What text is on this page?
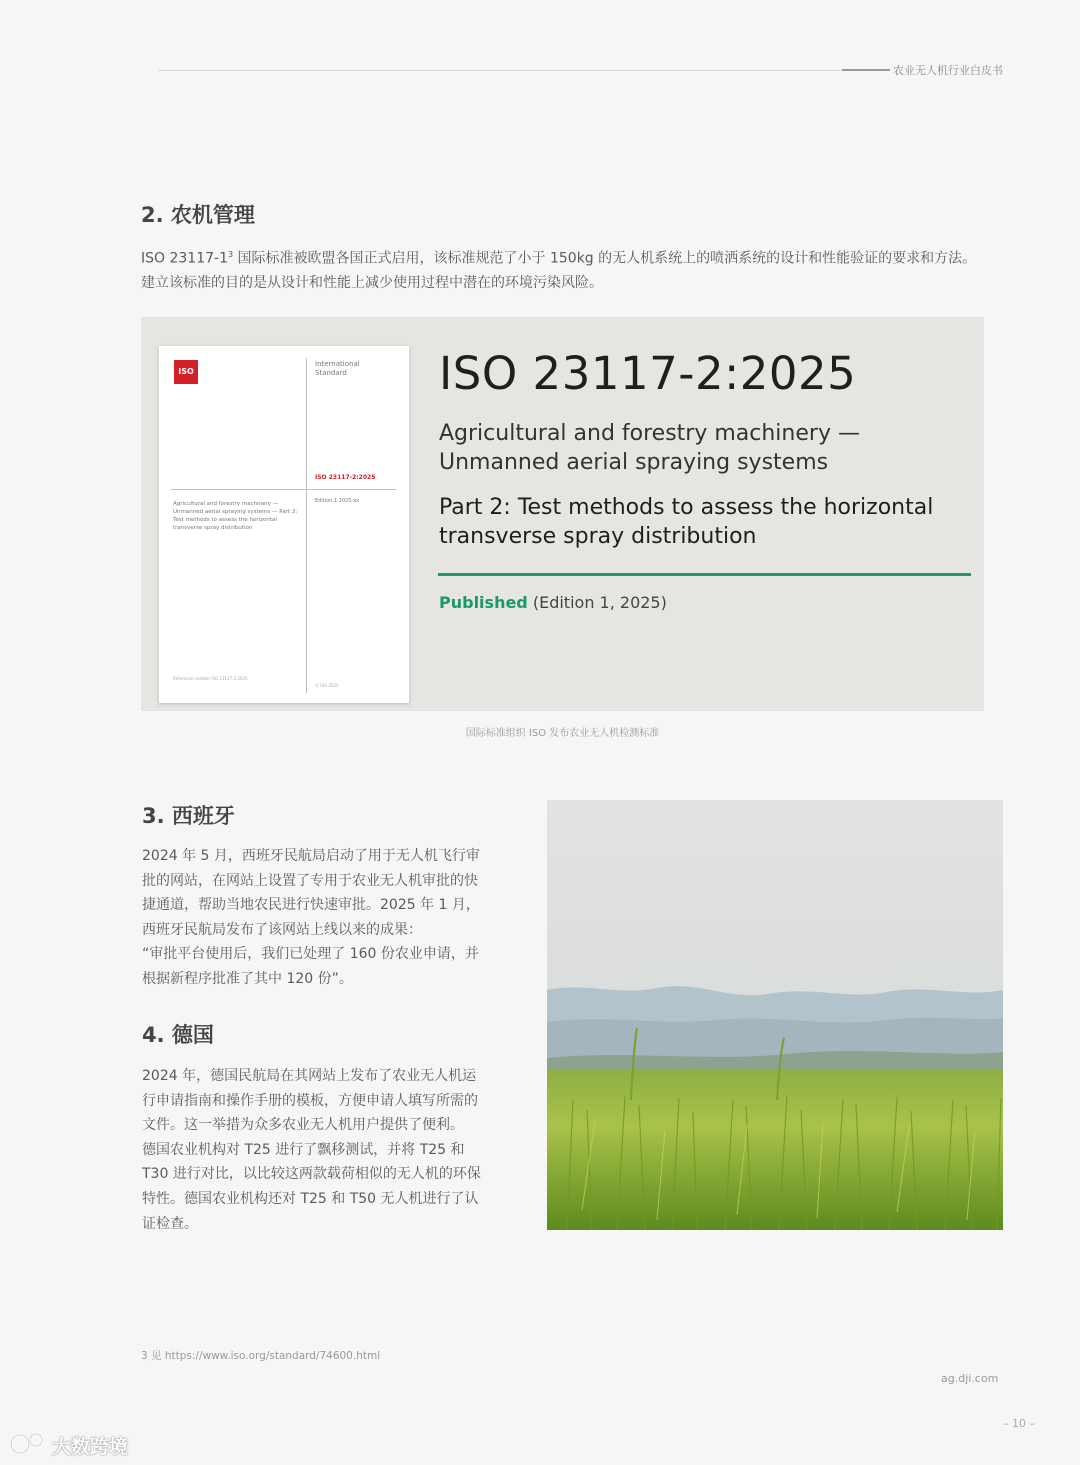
农业无人机行业白皮书
2. 农机管理
ISO $23117-1^3$ 国际标准被欧盟各国正式启用，该标准规范了小于 150kg 的无人机系统上的喷洒系统的设计和性能验证的要求和方法。建立该标准的目的是从设计和性能上减少使用过程中潜在的环境污染风险。
ISO
International Standard
ISO 23117-2:2025
Edition 1 2025-xx
Agricultural and forestry machinery — Unmanned aerial spraying systems — Part 2: Test methods to assess the horizontal transverse spray distribution
Reference number ISO 23117-2:2025
© ISO 2025
ISO 23117-2:2025
Agricultural and forestry machinery — Unmanned aerial spraying systems
Part 2: Test methods to assess the horizontal transverse spray distribution
Published (Edition 1, 2025)
国际标准组织 ISO 发布农业无人机检测标准
3. 西班牙
2024 年 5 月，西班牙民航局启动了用于无人机飞行审
批的网站，在网站上设置了专用于农业无人机审批的快
捷通道，帮助当地农民进行快速审批。2025 年 1 月，
西班牙民航局发布了该网站上线以来的成果：
“审批平台使用后，我们已处理了 160 份农业申请，并
根据新程序批准了其中 120 份”。
4. 德国
2024 年，德国民航局在其网站上发布了农业无人机运
行申请指南和操作手册的模板，方便申请人填写所需的
文件。这一举措为众多农业无人机用户提供了便利。
德国农业机构对 T25 进行了飘移测试，并将 T25 和
T30 进行对比，以比较这两款载荷相似的无人机的环保
特性。德国农业机构还对 T25 和 T50 无人机进行了认
证检查。
3 见 https://www.iso.org/standard/74600.html
ag.dji.com
– 10 –
大数跨境
